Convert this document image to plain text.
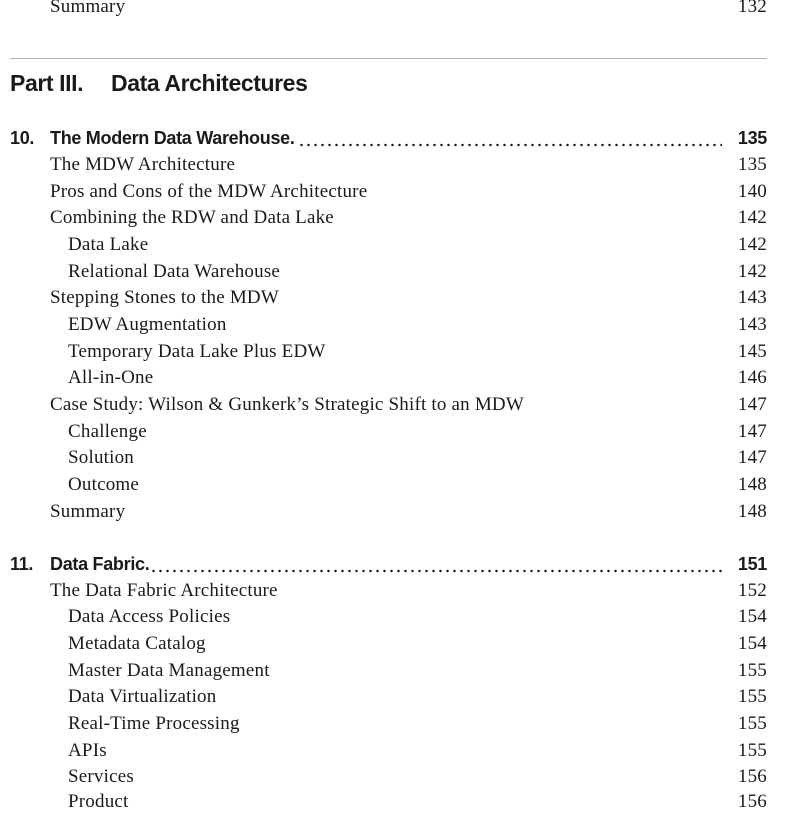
Summary	132
Part III. Data Architectures
10. The Modern Data Warehouse.	135
The MDW Architecture	135
Pros and Cons of the MDW Architecture	140
Combining the RDW and Data Lake	142
Data Lake	142
Relational Data Warehouse	142
Stepping Stones to the MDW	143
EDW Augmentation	143
Temporary Data Lake Plus EDW	145
All-in-One	146
Case Study: Wilson & Gunkerk’s Strategic Shift to an MDW	147
Challenge	147
Solution	147
Outcome	148
Summary	148
11. Data Fabric.	151
The Data Fabric Architecture	152
Data Access Policies	154
Metadata Catalog	154
Master Data Management	155
Data Virtualization	155
Real-Time Processing	155
APIs	155
Services	156
Product	156
